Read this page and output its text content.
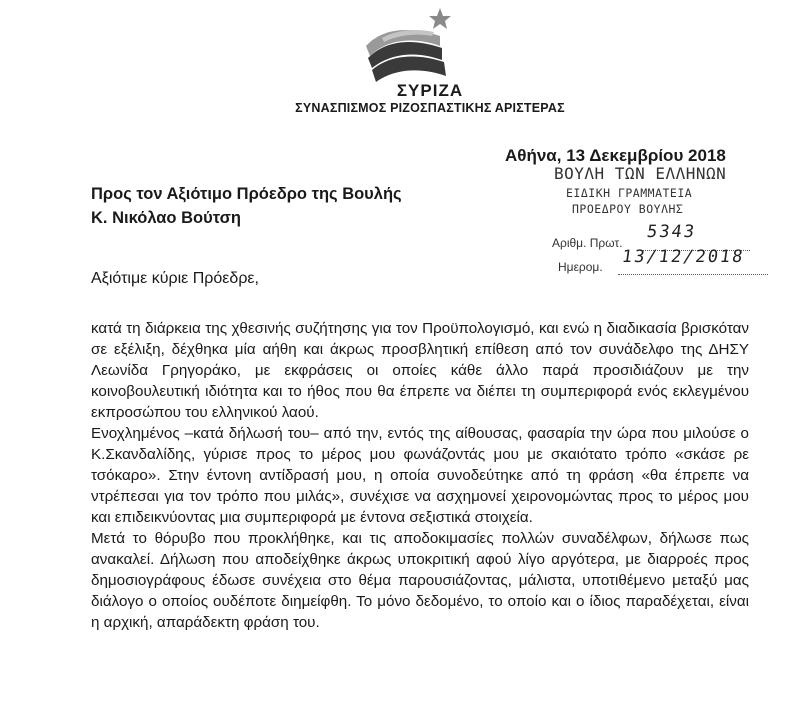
ΣΥΡΙΖΑ
ΣΥΝΑΣΠΙΣΜΟΣ ΡΙΖΟΣΠΑΣΤΙΚΗΣ ΑΡΙΣΤΕΡΑΣ
Αθήνα, 13 Δεκεμβρίου 2018
Προς τον Αξιότιμο Πρόεδρο της Βουλής
Κ. Νικόλαο Βούτση
ΒΟΥΛΗ ΤΩΝ ΕΛΛΗΝΩΝ
ΕΙΔΙΚΗ ΓΡΑΜΜΑΤΕΙΑ
ΠΡΟΕΔΡΟΥ ΒΟΥΛΗΣ
Αριθμ. Πρωτ.
5343
Ημερομ. 13/12/2018
Αξιότιμε κύριε Πρόεδρε,

κατά τη διάρκεια της χθεσινής συζήτησης για τον Προϋπολογισμό, και ενώ η διαδικασία βρισκόταν σε εξέλιξη, δέχθηκα μία αήθη και άκρως προσβλητική επίθεση από τον συνάδελφο της ΔΗΣΥ Λεωνίδα Γρηγοράκο, με εκφράσεις οι οποίες κάθε άλλο παρά προσιδιάζουν με την κοινοβουλευτική ιδιότητα και το ήθος που θα έπρεπε να διέπει τη συμπεριφορά ενός εκλεγμένου εκπροσώπου του ελληνικού λαού.

Ενοχλημένος –κατά δήλωσή του– από την, εντός της αίθουσας, φασαρία την ώρα που μιλούσε ο Κ.Σκανδαλίδης, γύρισε προς το μέρος μου φωνάζοντάς μου με σκαιότατο τρόπο «σκάσε ρε τσόκαρο». Στην έντονη αντίδρασή μου, η οποία συνοδεύτηκε από τη φράση «θα έπρεπε να ντρέπεσαι για τον τρόπο που μιλάς», συνέχισε να ασχημονεί χειρονομώντας προς το μέρος μου και επιδεικνύοντας μια συμπεριφορά με έντονα σεξιστικά στοιχεία.

Μετά το θόρυβο που προκλήθηκε, και τις αποδοκιμασίες πολλών συναδέλφων, δήλωσε πως ανακαλεί. Δήλωση που αποδείχθηκε άκρως υποκριτική αφού λίγο αργότερα, με διαρροές προς δημοσιογράφους έδωσε συνέχεια στο θέμα παρουσιάζοντας, μάλιστα, υποτιθέμενο μεταξύ μας διάλογο ο οποίος ουδέποτε διημείφθη. Το μόνο δεδομένο, το οποίο και ο ίδιος παραδέχεται, είναι η αρχική, απαράδεκτη φράση του.
